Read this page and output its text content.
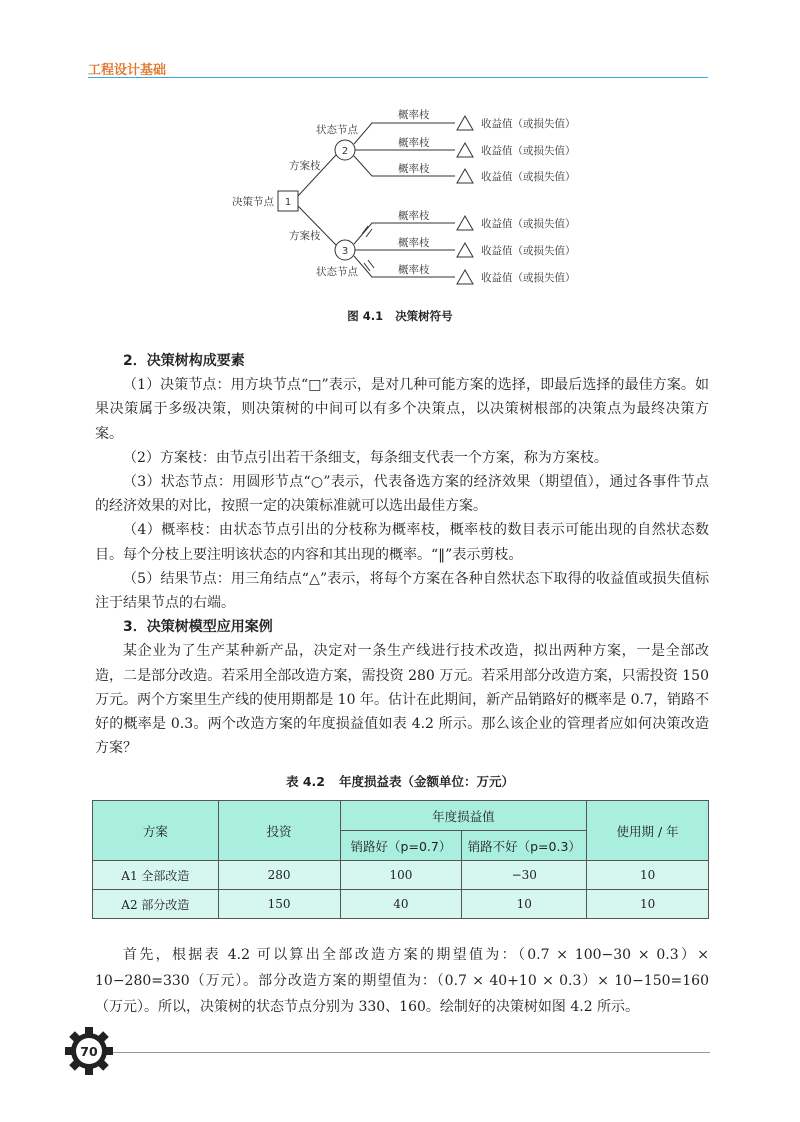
工程设计基础
1
决策节点
方案枝
方案枝
2
状态节点
3
状态节点
概率枝
概率枝
概率枝
概率枝
概率枝
概率枝
收益值（或损失值）
收益值（或损失值）
收益值（或损失值）
收益值（或损失值）
收益值（或损失值）
收益值（或损失值）
图 4.1 决策树符号

2．决策树构成要素

（1）决策节点：用方块节点“□”表示，是对几种可能方案的选择，即最后选择的最佳方案。如果决策属于多级决策，则决策树的中间可以有多个决策点，以决策树根部的决策点为最终决策方案。

（2）方案枝：由节点引出若干条细支，每条细支代表一个方案，称为方案枝。

（3）状态节点：用圆形节点“○”表示，代表备选方案的经济效果（期望值），通过各事件节点的经济效果的对比，按照一定的决策标准就可以选出最佳方案。

（4）概率枝：由状态节点引出的分枝称为概率枝，概率枝的数目表示可能出现的自然状态数目。每个分枝上要注明该状态的内容和其出现的概率。“‖”表示剪枝。

（5）结果节点：用三角结点“△”表示，将每个方案在各种自然状态下取得的收益值或损失值标注于结果节点的右端。

3．决策树模型应用案例

某企业为了生产某种新产品，决定对一条生产线进行技术改造，拟出两种方案，一是全部改造，二是部分改造。若采用全部改造方案，需投资 280 万元。若采用部分改造方案，只需投资 150 万元。两个方案里生产线的使用期都是 10 年。估计在此期间，新产品销路好的概率是 0.7，销路不好的概率是 0.3。两个改造方案的年度损益值如表 4.2 所示。那么该企业的管理者应如何决策改造方案？

表 4.2 年度损益表（金额单位：万元）
方案	投资	年度损益值		使用期 / 年
		销路好（p=0.7）	销路不好（p=0.3）	
A1 全部改造	280	100	−30	10
A2 部分改造	150	40	10	10

首先，根据表 4.2 可以算出全部改造方案的期望值为：（0.7 × 100−30 × 0.3）× 10−280=330（万元）。部分改造方案的期望值为：（0.7 × 40+10 × 0.3）× 10−150=160（万元）。所以，决策树的状态节点分别为 330、160。绘制好的决策树如图 4.2 所示。

70
